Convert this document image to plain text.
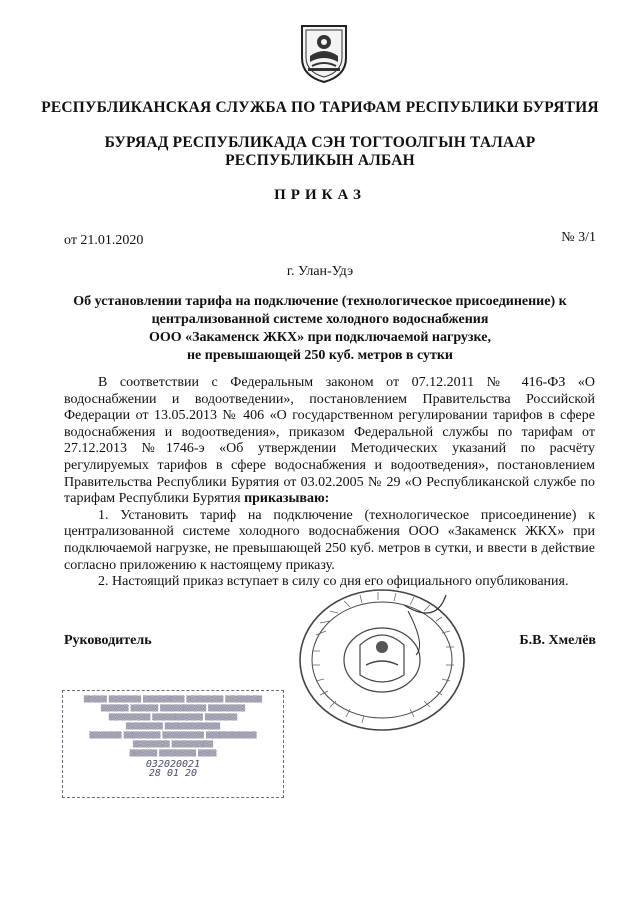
РЕСПУБЛИКАНСКАЯ СЛУЖБА ПО ТАРИФАМ РЕСПУБЛИКИ БУРЯТИЯ
БУРЯАД РЕСПУБЛИКАДА СЭН ТОГТООЛГЫН ТАЛААР
РЕСПУБЛИКЫН АЛБАН
ПРИКАЗ
от 21.01.2020	№ 3/1
г. Улан-Удэ
Об установлении тарифа на подключение (технологическое присоединение) к
централизованной системе холодного водоснабжения
ООО «Закаменск ЖКХ» при подключаемой нагрузке,
не превышающей 250 куб. метров в сутки

В соответствии с Федеральным законом от 07.12.2011 № 416-ФЗ «О водоснабжении и водоотведении», постановлением Правительства Российской Федерации от 13.05.2013 № 406 «О государственном регулировании тарифов в сфере водоснабжения и водоотведения», приказом Федеральной службы по тарифам от 27.12.2013 №1746-э «Об утверждении Методических указаний по расчёту регулируемых тарифов в сфере водоснабжения и водоотведения», постановлением Правительства Республики Бурятия от 03.02.2005 № 29 «О Республиканской службе по тарифам Республики Бурятия приказываю:

1. Установить тариф на подключение (технологическое присоединение) к централизованной системе холодного водоснабжения ООО «Закаменск ЖКХ» при подключаемой нагрузке, не превышающей 250 куб. метров в сутки, и ввести в действие согласно приложению к настоящему приказу.

2. Настоящий приказ вступает в силу со дня его официального опубликования.

Руководитель	Б.В. Хмелёв
▒▒▒▒▒ ▒▒▒▒▒▒▒ ▒▒▒▒▒▒▒▒▒ ▒▒▒▒▒▒▒▒ ▒▒▒▒▒▒▒▒
▒▒▒▒▒▒ ▒▒▒▒▒▒ ▒▒▒▒▒▒▒▒▒▒ ▒▒▒▒▒▒▒▒
▒▒▒▒▒▒▒▒▒ ▒▒▒▒▒▒▒▒▒▒▒ ▒▒▒▒▒▒▒
▒▒▒▒▒▒▒▒ ▒▒▒▒▒▒▒▒▒▒▒▒
▒▒▒▒▒▒▒ ▒▒▒▒▒▒▒▒ ▒▒▒▒▒▒▒▒▒ ▒▒▒▒▒▒▒▒▒▒▒
▒▒▒▒▒▒▒▒ ▒▒▒▒▒▒▒▒▒
▒▒▒▒▒▒ ▒▒▒▒▒▒▒▒ ▒▒▒▒
032020021
28 01 20
